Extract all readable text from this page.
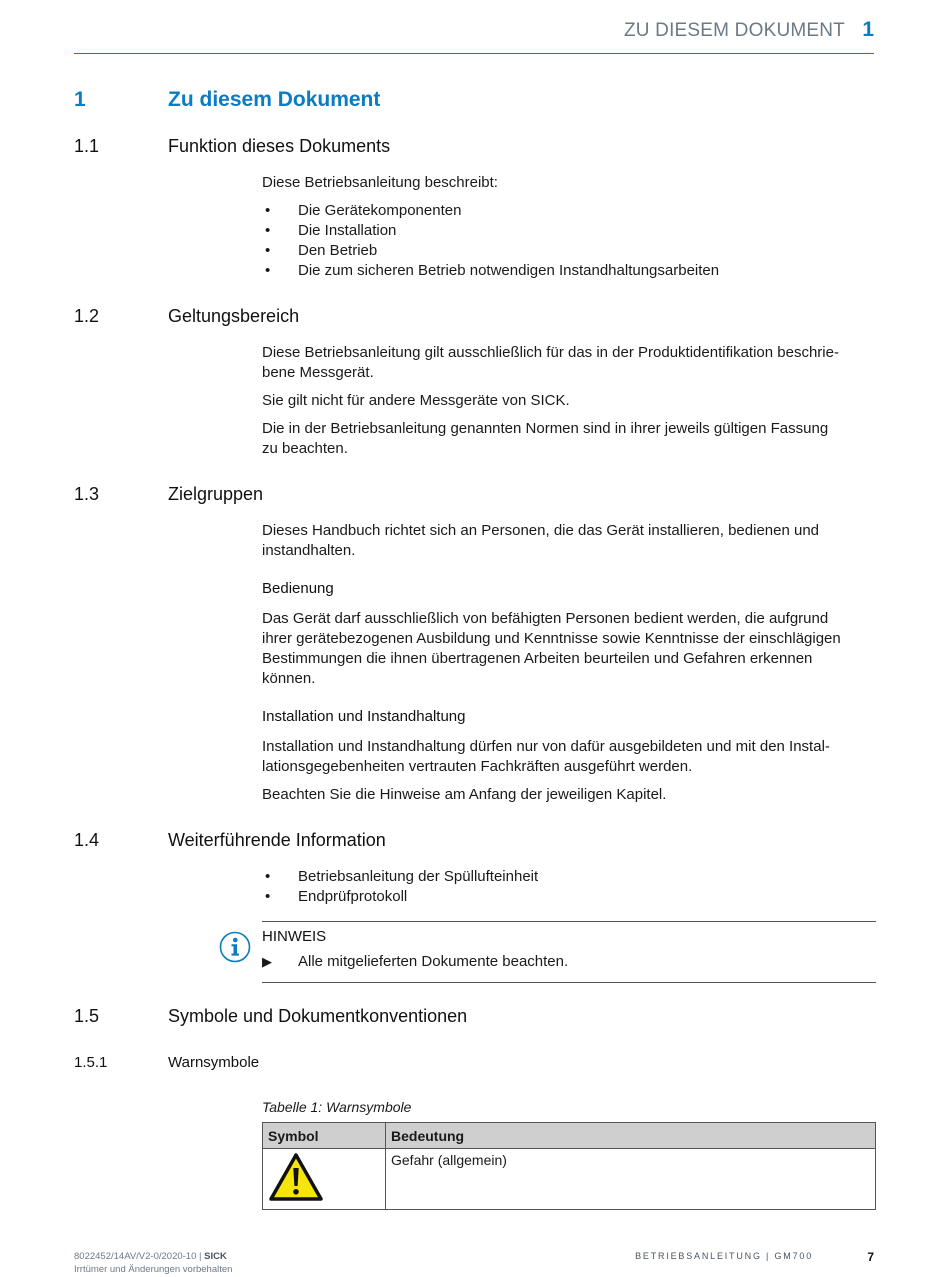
ZU DIESEM DOKUMENT 1
1	Zu diesem Dokument
1.1	Funktion dieses Dokuments

Diese Betriebsanleitung beschreibt:

• Die Gerätekomponenten
• Die Installation
• Den Betrieb
• Die zum sicheren Betrieb notwendigen Instandhaltungsarbeiten
1.2	Geltungsbereich

Diese Betriebsanleitung gilt ausschließlich für das in der Produktidentifikation beschrie-

bene Messgerät.

Sie gilt nicht für andere Messgeräte von SICK.

Die in der Betriebsanleitung genannten Normen sind in ihrer jeweils gültigen Fassung

zu beachten.

1.3	Zielgruppen

Dieses Handbuch richtet sich an Personen, die das Gerät installieren, bedienen und

instandhalten.

Bedienung

Das Gerät darf ausschließlich von befähigten Personen bedient werden, die aufgrund

ihrer gerätebezogenen Ausbildung und Kenntnisse sowie Kenntnisse der einschlägigen

Bestimmungen die ihnen übertragenen Arbeiten beurteilen und Gefahren erkennen

können.

Installation und Instandhaltung

Installation und Instandhaltung dürfen nur von dafür ausgebildeten und mit den Instal-

lationsgegebenheiten vertrauten Fachkräften ausgeführt werden.

Beachten Sie die Hinweise am Anfang der jeweiligen Kapitel.

1.4	Weiterführende Information
• Betriebsanleitung der Spüllufteinheit
• Endprüfprotokoll
HINWEIS
▶ Alle mitgelieferten Dokumente beachten.
1.5	Symbole und Dokumentkonventionen
1.5.1	Warnsymbole
Tabelle 1: Warnsymbole
Symbol	Bedeutung
	Gefahr (allgemein)
8022452/14AV/V2-0/2020-10 | SICK
Irrtümer und Änderungen vorbehalten
BETRIEBSANLEITUNG | GM700	7
